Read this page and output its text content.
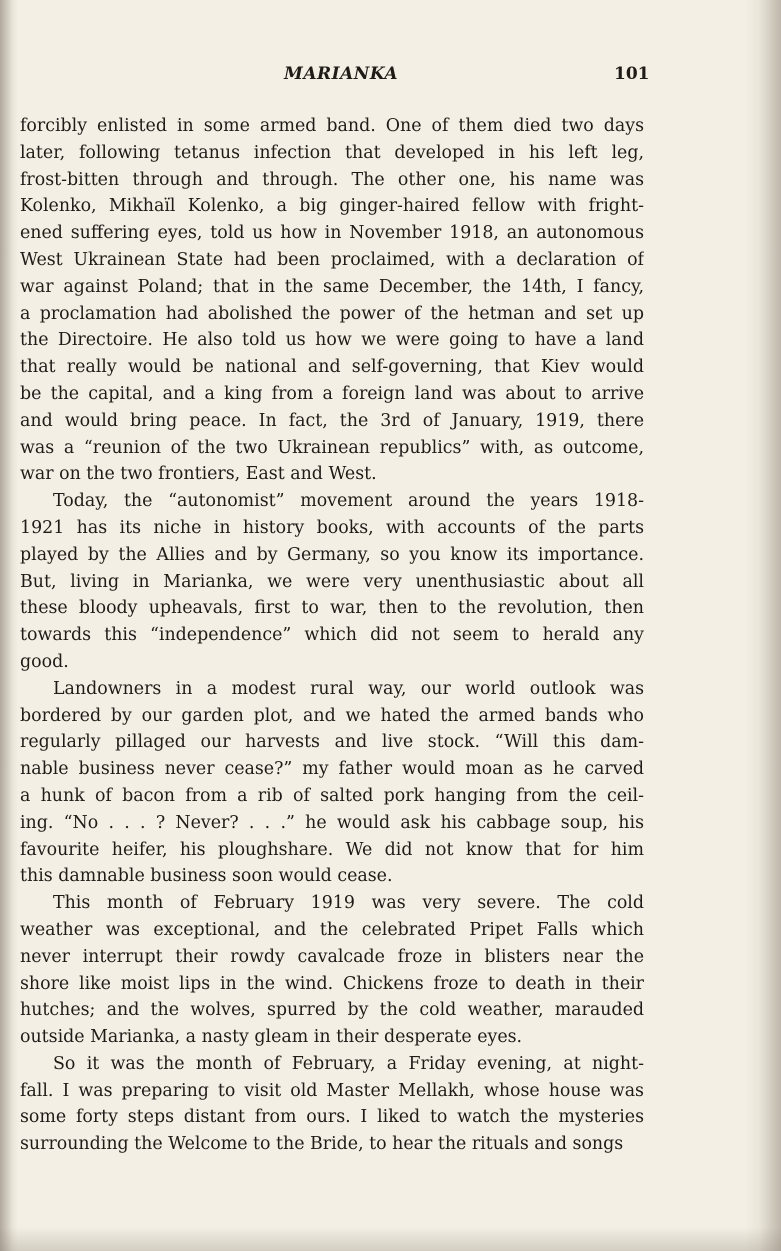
MARIANKA	101
forcibly enlisted in some armed band. One of them died two days
later, following tetanus infection that developed in his left leg,
frost-bitten through and through. The other one, his name was
Kolenko, Mikhaïl Kolenko, a big ginger-haired fellow with fright-
ened suffering eyes, told us how in November 1918, an autonomous
West Ukrainean State had been proclaimed, with a declaration of
war against Poland; that in the same December, the 14th, I fancy,
a proclamation had abolished the power of the hetman and set up
the Directoire. He also told us how we were going to have a land
that really would be national and self-governing, that Kiev would
be the capital, and a king from a foreign land was about to arrive
and would bring peace. In fact, the 3rd of January, 1919, there
was a “reunion of the two Ukrainean republics” with, as outcome,
war on the two frontiers, East and West.
Today, the “autonomist” movement around the years 1918-
1921 has its niche in history books, with accounts of the parts
played by the Allies and by Germany, so you know its importance.
But, living in Marianka, we were very unenthusiastic about all
these bloody upheavals, first to war, then to the revolution, then
towards this “independence” which did not seem to herald any
good.
Landowners in a modest rural way, our world outlook was
bordered by our garden plot, and we hated the armed bands who
regularly pillaged our harvests and live stock. “Will this dam-
nable business never cease?” my father would moan as he carved
a hunk of bacon from a rib of salted pork hanging from the ceil-
ing. “No . . . ? Never? . . .” he would ask his cabbage soup, his
favourite heifer, his ploughshare. We did not know that for him
this damnable business soon would cease.
This month of February 1919 was very severe. The cold
weather was exceptional, and the celebrated Pripet Falls which
never interrupt their rowdy cavalcade froze in blisters near the
shore like moist lips in the wind. Chickens froze to death in their
hutches; and the wolves, spurred by the cold weather, marauded
outside Marianka, a nasty gleam in their desperate eyes.
So it was the month of February, a Friday evening, at night-
fall. I was preparing to visit old Master Mellakh, whose house was
some forty steps distant from ours. I liked to watch the mysteries
surrounding the Welcome to the Bride, to hear the rituals and songs
